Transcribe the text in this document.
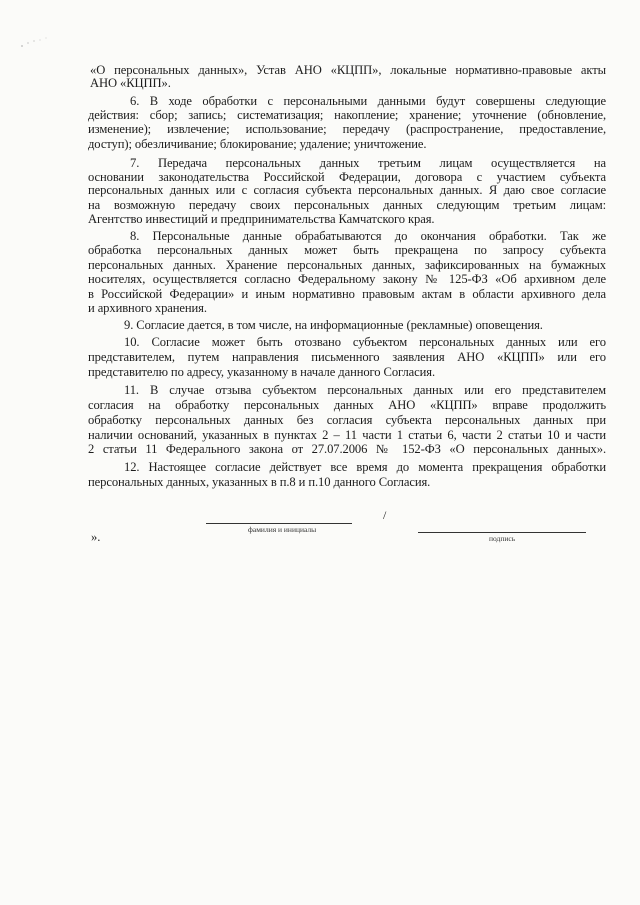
«О персональных данных», Устав АНО «КЦПП», локальные нормативно-правовые акты
АНО «КЦПП».
6. В ходе обработки с персональными данными будут совершены следующие
действия: сбор; запись; систематизация; накопление; хранение; уточнение (обновление,
изменение); извлечение; использование; передачу (распространение, предоставление,
доступ); обезличивание; блокирование; удаление; уничтожение.
7. Передача персональных данных третьим лицам осуществляется на
основании законодательства Российской Федерации, договора с участием субъекта
персональных данных или с согласия субъекта персональных данных. Я даю свое согласие
на возможную передачу своих персональных данных следующим третьим лицам:
Агентство инвестиций и предпринимательства Камчатского края.
8. Персональные данные обрабатываются до окончания обработки. Так же
обработка персональных данных может быть прекращена по запросу субъекта
персональных данных. Хранение персональных данных, зафиксированных на бумажных
носителях, осуществляется согласно Федеральному закону № 125-ФЗ «Об архивном деле
в Российской Федерации» и иным нормативно правовым актам в области архивного дела
и архивного хранения.
9. Согласие дается, в том числе, на информационные (рекламные) оповещения.
10. Согласие может быть отозвано субъектом персональных данных или его
представителем, путем направления письменного заявления АНО «КЦПП» или его
представителю по адресу, указанному в начале данного Согласия.
11. В случае отзыва субъектом персональных данных или его представителем
согласия на обработку персональных данных АНО «КЦПП» вправе продолжить
обработку персональных данных без согласия субъекта персональных данных при
наличии оснований, указанных в пунктах 2 – 11 части 1 статьи 6, части 2 статьи 10 и части
2 статьи 11 Федерального закона от 27.07.2006 № 152-ФЗ «О персональных данных».
12. Настоящее согласие действует все время до момента прекращения обработки
персональных данных, указанных в п.8 и п.10 данного Согласия.
».
фамилия и инициалы
/
подпись
